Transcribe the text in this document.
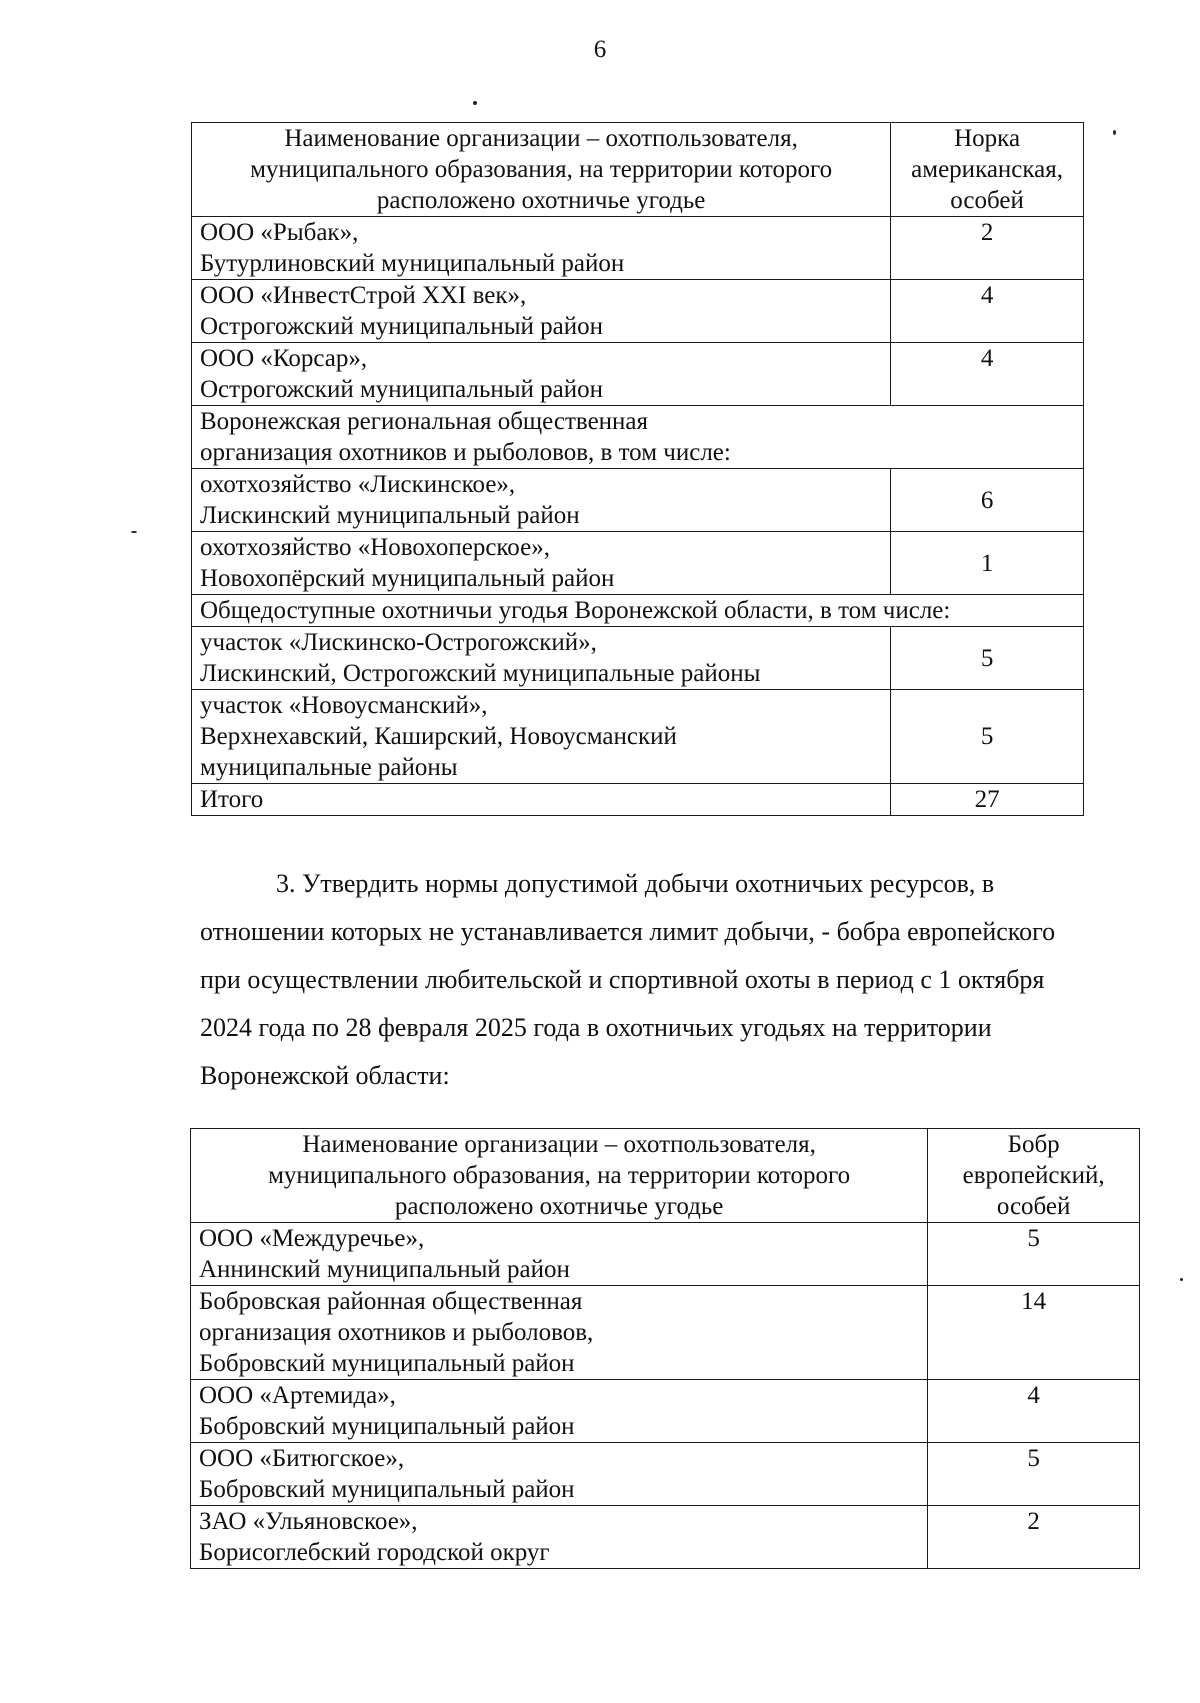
6
Наименование организации – охотпользователя,
муниципального образования, на территории которого
расположено охотничье угодье	Норка
американская,
особей

ООО «Рыбак»,
Бутурлиновский муниципальный район	2

ООО «ИнвестСтрой XXI век»,
Острогожский муниципальный район	4

ООО «Корсар»,
Острогожский муниципальный район	4

Воронежская региональная общественная
организация охотников и рыболовов, в том числе:	

охотхозяйство «Лискинское»,
Лискинский муниципальный район	6

охотхозяйство «Новохоперское»,
Новохопёрский муниципальный район	1

Общедоступные охотничьи угодья Воронежской области, в том числе:	

участок «Лискинско-Острогожский»,
Лискинский, Острогожский муниципальные районы	5

участок «Новоусманский»,
Верхнехавский, Каширский, Новоусманский
муниципальные районы	5

Итого	27
3. Утвердить нормы допустимой добычи охотничьих ресурсов, в
отношении которых не устанавливается лимит добычи, - бобра европейского
при осуществлении любительской и спортивной охоты в период с 1 октября
2024 года по 28 февраля 2025 года в охотничьих угодьях на территории
Воронежской области:
Наименование организации – охотпользователя,
муниципального образования, на территории которого
расположено охотничье угодье	Бобр
европейский,
особей

ООО «Междуречье»,
Аннинский муниципальный район	5

Бобровская районная общественная
организация охотников и рыболовов,
Бобровский муниципальный район	14

ООО «Артемида»,
Бобровский муниципальный район	4

ООО «Битюгское»,
Бобровский муниципальный район	5

ЗАО «Ульяновское»,
Борисоглебский городской округ	2
